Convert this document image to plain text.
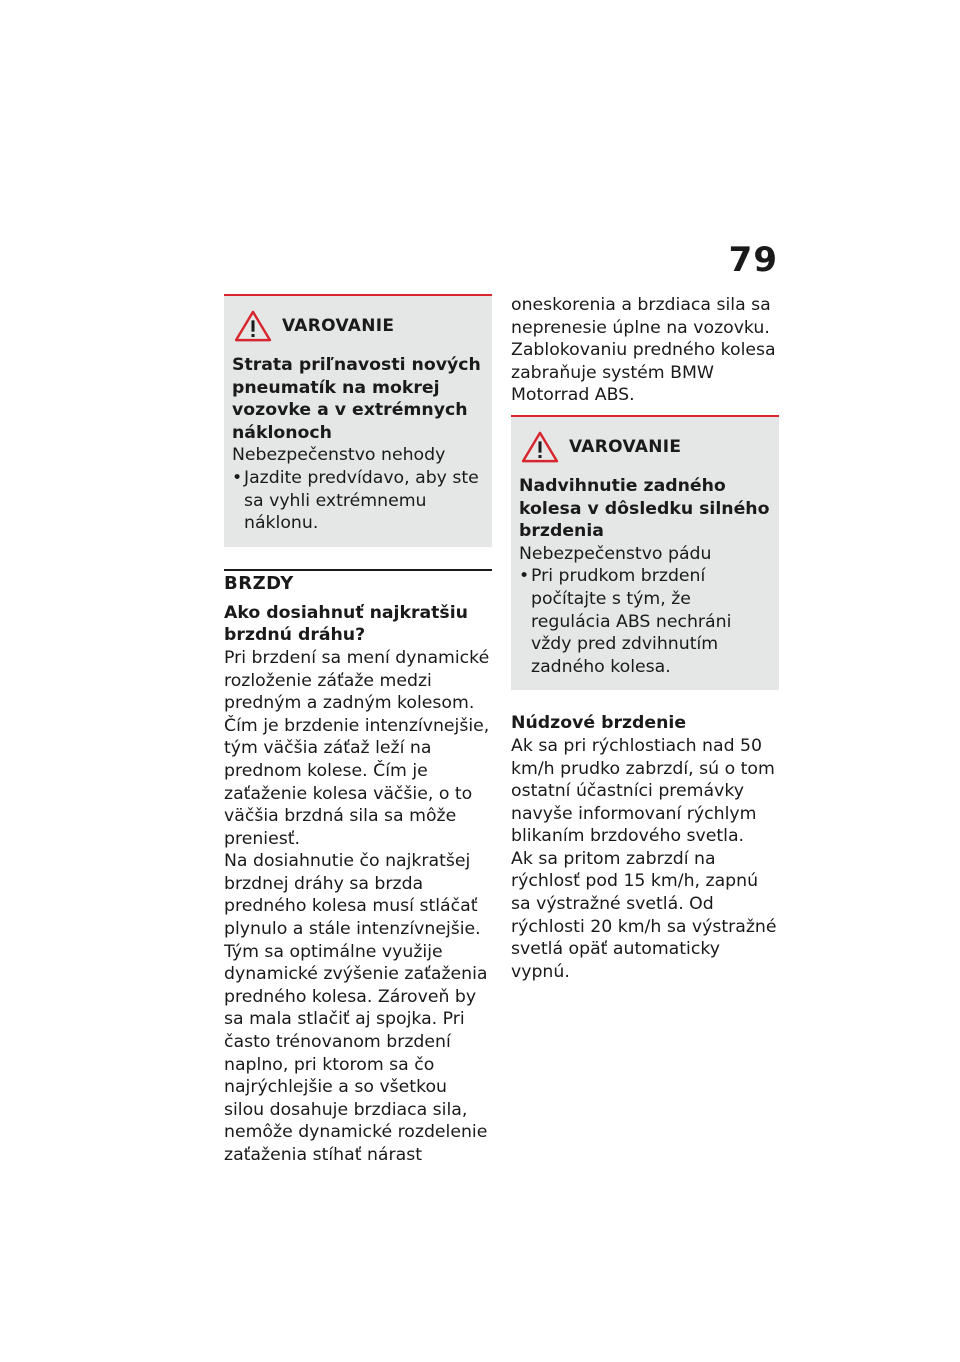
79
VAROVANIE
Strata priľnavosti nových pneumatík na mokrej vozovke a v extrémnych náklonoch
Nebezpečenstvo nehody
• Jazdite predvídavo, aby ste sa vyhli extrémnemu náklonu.
BRZDY
Ako dosiahnuť najkratšiu brzdnú dráhu?
Pri brzdení sa mení dynamické rozloženie záťaže medzi predným a zadným kolesom. Čím je brzdenie intenzívnejšie, tým väčšia záťaž leží na prednom kolese. Čím je zaťaženie kolesa väčšie, o to väčšia brzdná sila sa môže preniesť.
Na dosiahnutie čo najkratšej brzdnej dráhy sa brzda predného kolesa musí stláčať plynulo a stále intenzívnejšie. Tým sa optimálne využije dynamické zvýšenie zaťaženia predného kolesa. Zároveň by sa mala stlačiť aj spojka. Pri často trénovanom brzdení naplno, pri ktorom sa čo najrýchlejšie a so všetkou silou dosahuje brzdiaca sila, nemôže dynamické rozdelenie zaťaženia stíhať nárast
oneskorenia a brzdiaca sila sa neprenesie úplne na vozovku. Zablokovaniu predného kolesa zabraňuje systém BMW Motorrad ABS.
VAROVANIE
Nadvihnutie zadného kolesa v dôsledku silného brzdenia
Nebezpečenstvo pádu
• Pri prudkom brzdení počítajte s tým, že regulácia ABS nechráni vždy pred zdvihnutím zadného kolesa.
Núdzové brzdenie
Ak sa pri rýchlostiach nad 50 km/h prudko zabrzdí, sú o tom ostatní účastníci premávky navyše informovaní rýchlym blikaním brzdového svetla.
Ak sa pritom zabrzdí na rýchlosť pod 15 km/h, zapnú sa výstražné svetlá. Od rýchlosti 20 km/h sa výstražné svetlá opäť automaticky vypnú.
